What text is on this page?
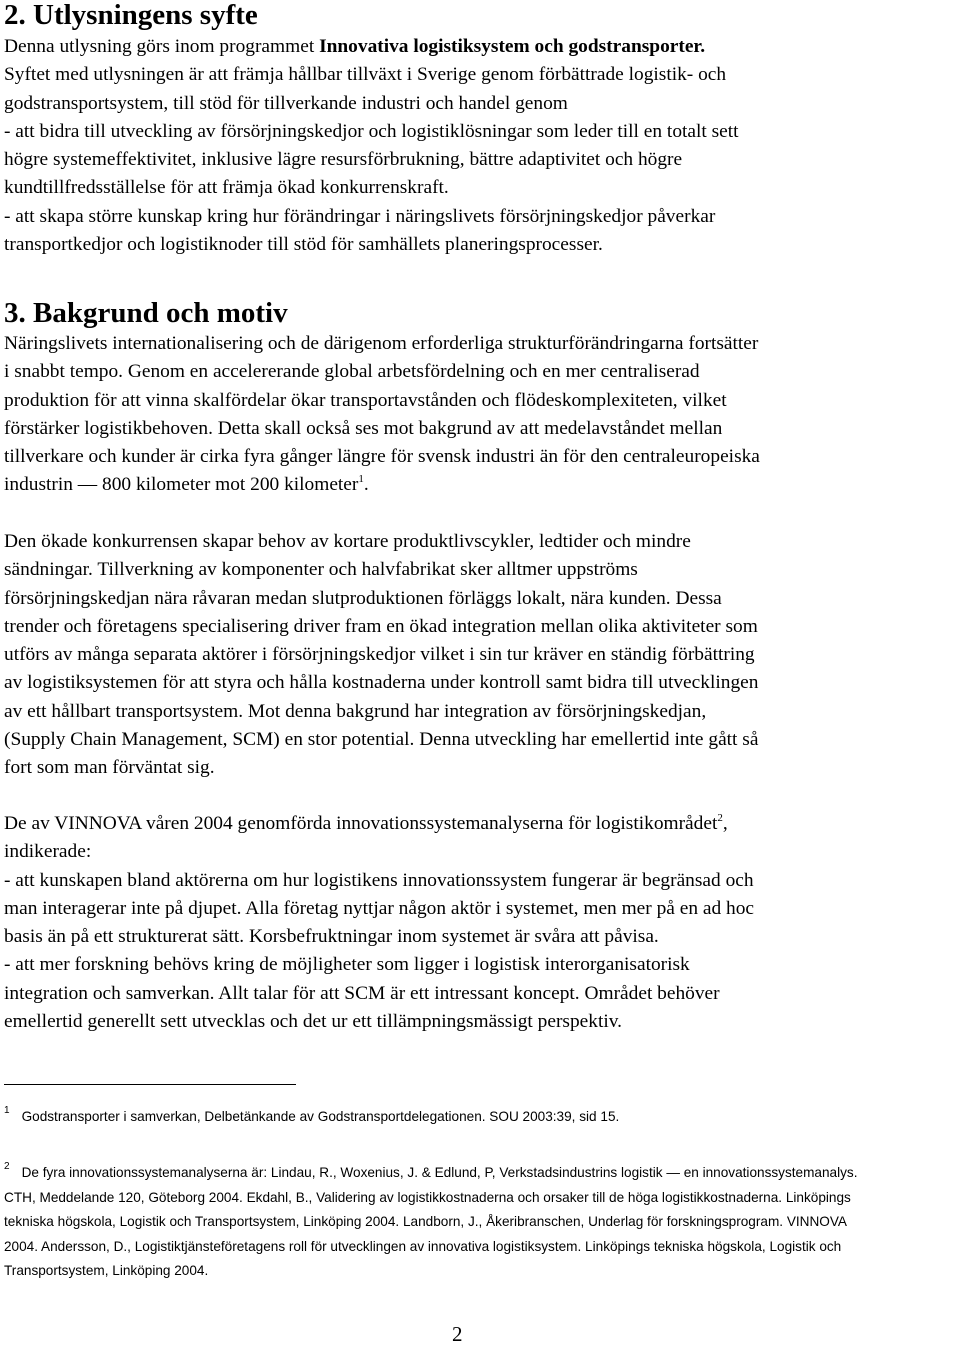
2. Utlysningens syfte
Denna utlysning görs inom programmet Innovativa logistiksystem och godstransporter.
Syftet med utlysningen är att främja hållbar tillväxt i Sverige genom förbättrade logistik- och
godstransportsystem, till stöd för tillverkande industri och handel genom
- att bidra till utveckling av försörjningskedjor och logistiklösningar som leder till en totalt sett
högre systemeffektivitet, inklusive lägre resursförbrukning, bättre adaptivitet och högre
kundtillfredsställelse för att främja ökad konkurrenskraft.
- att skapa större kunskap kring hur förändringar i näringslivets försörjningskedjor påverkar
transportkedjor och logistiknoder till stöd för samhällets planeringsprocesser.
3. Bakgrund och motiv
Näringslivets internationalisering och de därigenom erforderliga strukturförändringarna fortsätter
i snabbt tempo. Genom en accelererande global arbetsfördelning och en mer centraliserad
produktion för att vinna skalfördelar ökar transportavstånden och flödeskomplexiteten, vilket
förstärker logistikbehoven. Detta skall också ses mot bakgrund av att medelavståndet mellan
tillverkare och kunder är cirka fyra gånger längre för svensk industri än för den centraleuropeiska
industrin — 800 kilometer mot 200 kilometer$^1$.
Den ökade konkurrensen skapar behov av kortare produktlivscykler, ledtider och mindre
sändningar. Tillverkning av komponenter och halvfabrikat sker alltmer uppströms
försörjningskedjan nära råvaran medan slutproduktionen förläggs lokalt, nära kunden. Dessa
trender och företagens specialisering driver fram en ökad integration mellan olika aktiviteter som
utförs av många separata aktörer i försörjningskedjor vilket i sin tur kräver en ständig förbättring
av logistiksystemen för att styra och hålla kostnaderna under kontroll samt bidra till utvecklingen
av ett hållbart transportsystem. Mot denna bakgrund har integration av försörjningskedjan,
(Supply Chain Management, SCM) en stor potential. Denna utveckling har emellertid inte gått så
fort som man förväntat sig.
De av VINNOVA våren 2004 genomförda innovationssystemanalyserna för logistikområdet$^2$,
indikerade:
- att kunskapen bland aktörerna om hur logistikens innovationssystem fungerar är begränsad och
man interagerar inte på djupet. Alla företag nyttjar någon aktör i systemet, men mer på en ad hoc
basis än på ett strukturerat sätt. Korsbefruktningar inom systemet är svåra att påvisa.
- att mer forskning behövs kring de möjligheter som ligger i logistisk interorganisatorisk
integration och samverkan. Allt talar för att SCM är ett intressant koncept. Området behöver
emellertid generellt sett utvecklas och det ur ett tillämpningsmässigt perspektiv.
$^1$ Godstransporter i samverkan, Delbetänkande av Godstransportdelegationen. SOU 2003:39, sid 15.
$^2$ De fyra innovationssystemanalyserna är: Lindau, R., Woxenius, J. & Edlund, P, Verkstadsindustrins logistik — en innovationssystemanalys.
CTH, Meddelande 120, Göteborg 2004. Ekdahl, B., Validering av logistikkostnaderna och orsaker till de höga logistikkostnaderna. Linköpings
tekniska högskola, Logistik och Transportsystem, Linköping 2004. Landborn, J., Åkeribranschen, Underlag för forskningsprogram. VINNOVA
2004. Andersson, D., Logistiktjänsteföretagens roll för utvecklingen av innovativa logistiksystem. Linköpings tekniska högskola, Logistik och
Transportsystem, Linköping 2004.
2
